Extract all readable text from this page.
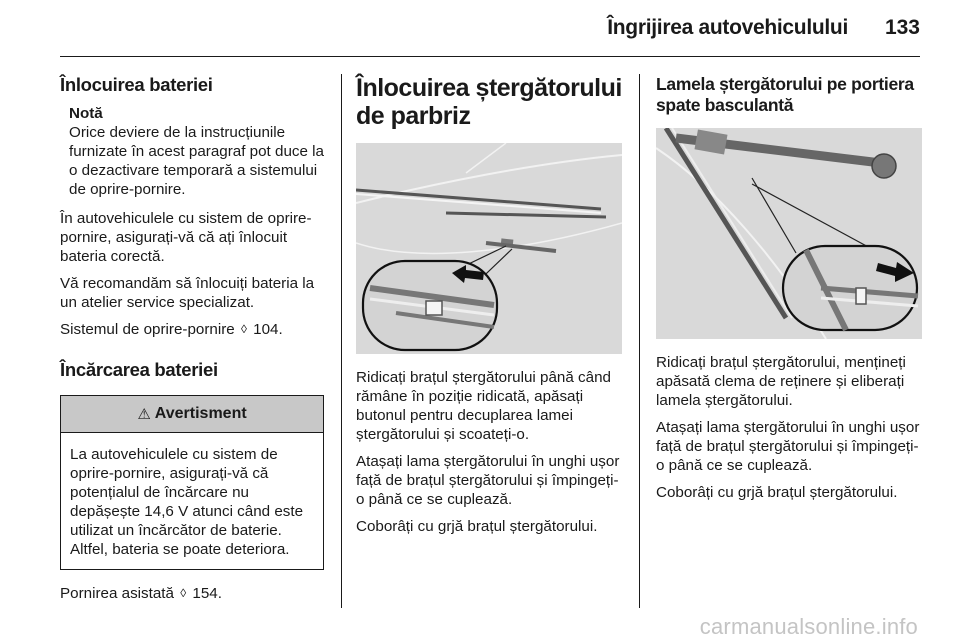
Îngrijirea autovehiculului 133
Înlocuirea bateriei
Notă

Orice deviere de la instrucțiunile furnizate în acest paragraf pot duce la o dezactivare temporară a sistemului de oprire-pornire.

În autovehiculele cu sistem de oprire-pornire, asigurați-vă că ați înlocuit bateria corectă.

Vă recomandăm să înlocuiți bateria la un atelier service specializat.

Sistemul de oprire-pornire ◊ 104.

Încărcarea bateriei
⚠ Avertisment

La autovehiculele cu sistem de oprire-pornire, asigurați-vă că potențialul de încărcare nu depășește 14,6 V atunci când este utilizat un încărcător de baterie. Altfel, bateria se poate deteriora.

Pornirea asistată ◊ 154.

Înlocuirea ștergătorului de parbriz

Ridicați brațul ștergătorului până când rămâne în poziție ridicată, apăsați butonul pentru decuplarea lamei ștergătorului și scoateți-o.

Atașați lama ștergătorului în unghi ușor față de brațul ștergătorului și împingeți-o până ce se cuplează.

Coborâți cu grjă brațul ștergătorului.

Lamela ștergătorului pe portiera spate basculantă

Ridicați brațul ștergătorului, mențineți apăsată clema de reținere și eliberați lamela ștergătorului.

Atașați lama ștergătorului în unghi ușor față de brațul ștergătorului și împingeți-o până ce se cuplează.

Coborâți cu grjă brațul ștergătorului.

carmanualsonline.info
